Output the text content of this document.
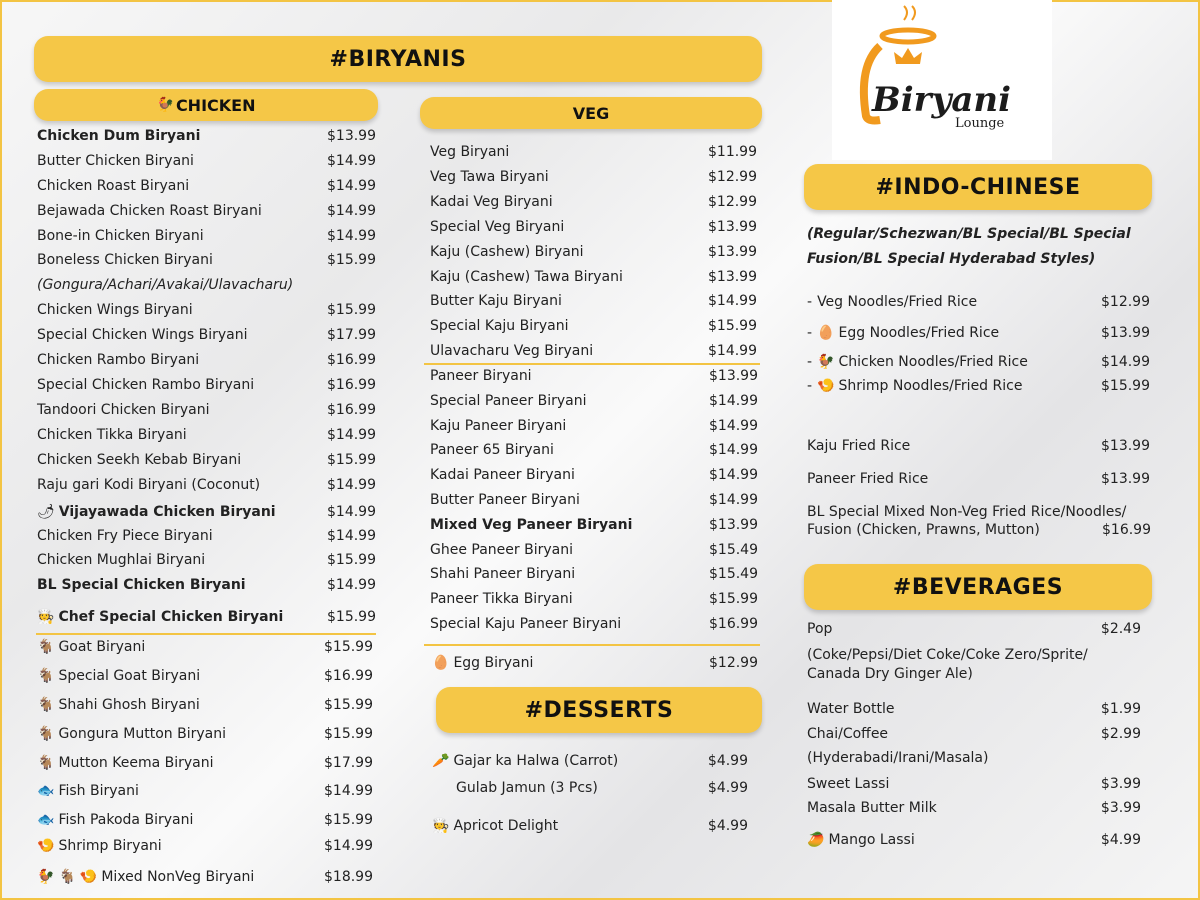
Biryani
Lounge
#BIRYANIS
🐓 CHICKEN	VEG
#INDO-CHINESE
#BEVERAGES
#DESSERTS
Chicken Dum Biryani	$13.99
Butter Chicken Biryani	$14.99
Chicken Roast Biryani	$14.99
Bejawada Chicken Roast Biryani	$14.99
Bone-in Chicken Biryani	$14.99
Boneless Chicken Biryani	$15.99
(Gongura/Achari/Avakai/Ulavacharu)
Chicken Wings Biryani	$15.99
Special Chicken Wings Biryani	$17.99
Chicken Rambo Biryani	$16.99
Special Chicken Rambo Biryani	$16.99
Tandoori Chicken Biryani	$16.99
Chicken Tikka Biryani	$14.99
Chicken Seekh Kebab Biryani	$15.99
Raju gari Kodi Biryani (Coconut)	$14.99
🌶 Vijayawada Chicken Biryani	$14.99
Chicken Fry Piece Biryani	$14.99
Chicken Mughlai Biryani	$15.99
BL Special Chicken Biryani	$14.99
🧑‍🍳 Chef Special Chicken Biryani	$15.99
🐐 Goat Biryani	$15.99
🐐 Special Goat Biryani	$16.99
🐐 Shahi Ghosh Biryani	$15.99
🐐 Gongura Mutton Biryani	$15.99
🐐 Mutton Keema Biryani	$17.99
🐟 Fish Biryani	$14.99
🐟 Fish Pakoda Biryani	$15.99
🍤 Shrimp Biryani	$14.99
🐓 🐐 🍤 Mixed NonVeg Biryani	$18.99
Veg Biryani	$11.99
Veg Tawa Biryani	$12.99
Kadai Veg Biryani	$12.99
Special Veg Biryani	$13.99
Kaju (Cashew) Biryani	$13.99
Kaju (Cashew) Tawa Biryani	$13.99
Butter Kaju Biryani	$14.99
Special Kaju Biryani	$15.99
Ulavacharu Veg Biryani	$14.99
Paneer Biryani	$13.99
Special Paneer Biryani	$14.99
Kaju Paneer Biryani	$14.99
Paneer 65 Biryani	$14.99
Kadai Paneer Biryani	$14.99
Butter Paneer Biryani	$14.99
Mixed Veg Paneer Biryani	$13.99
Ghee Paneer Biryani	$15.49
Shahi Paneer Biryani	$15.49
Paneer Tikka Biryani	$15.99
Special Kaju Paneer Biryani	$16.99
🥚 Egg Biryani	$12.99
🥕 Gajar ka Halwa (Carrot)	$4.99
Gulab Jamun (3 Pcs)	$4.99
🧑‍🍳 Apricot Delight	$4.99
(Regular/Schezwan/BL Special/BL Special
Fusion/BL Special Hyderabad Styles)
- Veg Noodles/Fried Rice	$12.99
- 🥚 Egg Noodles/Fried Rice	$13.99
- 🐓 Chicken Noodles/Fried Rice	$14.99
- 🍤 Shrimp Noodles/Fried Rice	$15.99
Kaju Fried Rice	$13.99
Paneer Fried Rice	$13.99
BL Special Mixed Non-Veg Fried Rice/Noodles/
Fusion (Chicken, Prawns, Mutton)	$16.99
Pop	$2.49
(Coke/Pepsi/Diet Coke/Coke Zero/Sprite/
Canada Dry Ginger Ale)
Water Bottle	$1.99
Chai/Coffee	$2.99
(Hyderabadi/Irani/Masala)
Sweet Lassi	$3.99
Masala Butter Milk	$3.99
🥭 Mango Lassi	$4.99
